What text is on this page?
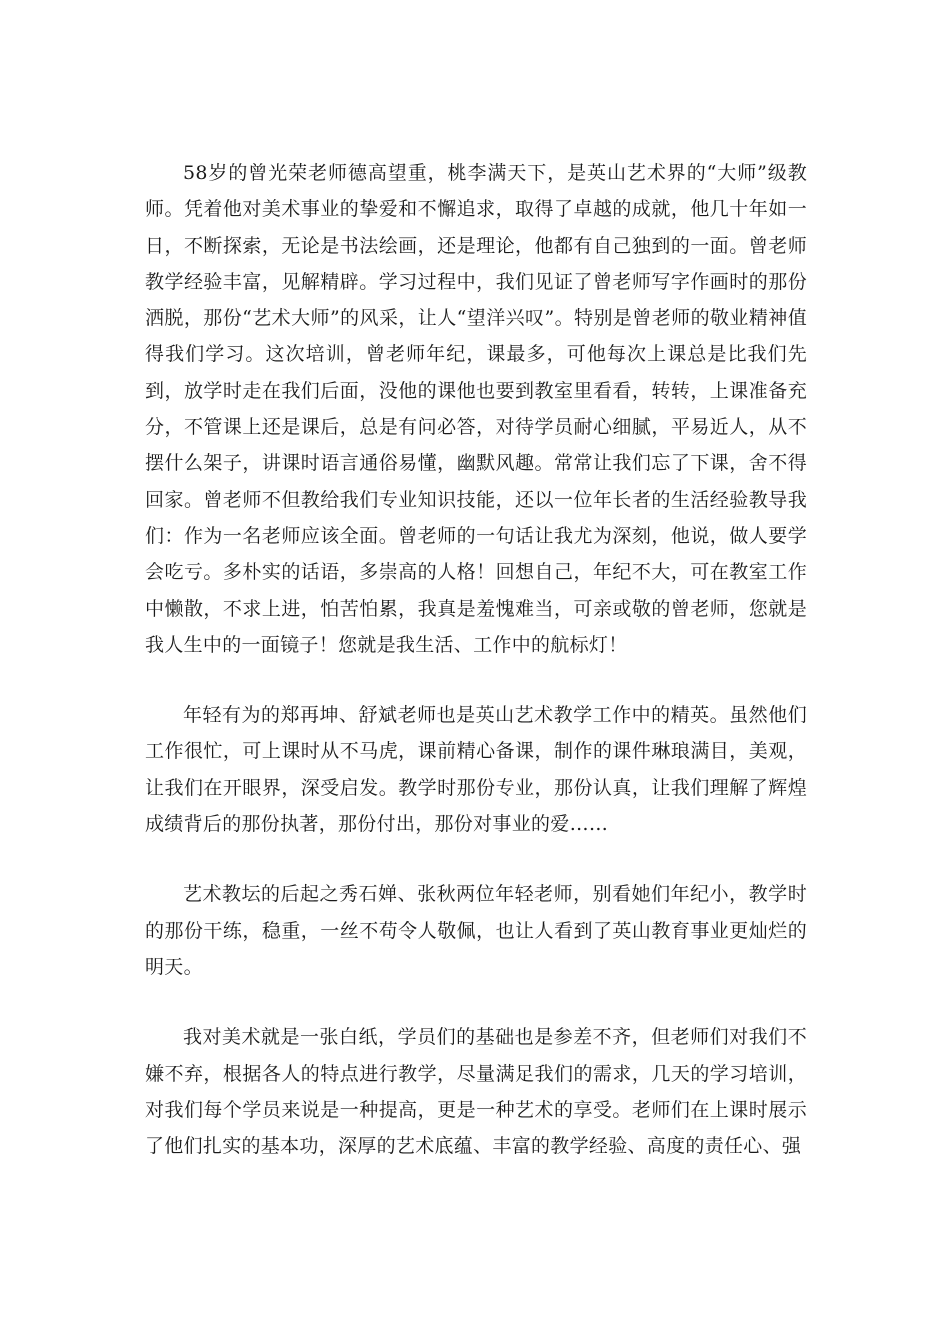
58岁的曾光荣老师德高望重，桃李满天下，是英山艺术界的“大师”级教师。凭着他对美术事业的挚爱和不懈追求，取得了卓越的成就，他几十年如一日，不断探索，无论是书法绘画，还是理论，他都有自己独到的一面。曾老师教学经验丰富，见解精辟。学习过程中，我们见证了曾老师写字作画时的那份洒脱，那份“艺术大师”的风采，让人“望洋兴叹”。特别是曾老师的敬业精神值得我们学习。这次培训，曾老师年纪，课最多，可他每次上课总是比我们先到，放学时走在我们后面，没他的课他也要到教室里看看，转转，上课准备充分，不管课上还是课后，总是有问必答，对待学员耐心细腻，平易近人，从不摆什么架子，讲课时语言通俗易懂，幽默风趣。常常让我们忘了下课，舍不得回家。曾老师不但教给我们专业知识技能，还以一位年长者的生活经验教导我们：作为一名老师应该全面。曾老师的一句话让我尤为深刻，他说，做人要学会吃亏。多朴实的话语，多崇高的人格！回想自己，年纪不大，可在教室工作中懒散，不求上进，怕苦怕累，我真是羞愧难当，可亲或敬的曾老师，您就是我人生中的一面镜子！您就是我生活、工作中的航标灯！

年轻有为的郑再坤、舒斌老师也是英山艺术教学工作中的精英。虽然他们工作很忙，可上课时从不马虎，课前精心备课，制作的课件琳琅满目，美观，让我们在开眼界，深受启发。教学时那份专业，那份认真，让我们理解了辉煌成绩背后的那份执著，那份付出，那份对事业的爱……

艺术教坛的后起之秀石婵、张秋两位年轻老师，别看她们年纪小，教学时的那份干练，稳重，一丝不苟令人敬佩，也让人看到了英山教育事业更灿烂的明天。

我对美术就是一张白纸，学员们的基础也是参差不齐，但老师们对我们不嫌不弃，根据各人的特点进行教学，尽量满足我们的需求，几天的学习培训，对我们每个学员来说是一种提高，更是一种艺术的享受。老师们在上课时展示了他们扎实的基本功，深厚的艺术底蕴、丰富的教学经验、高度的责任心、强
